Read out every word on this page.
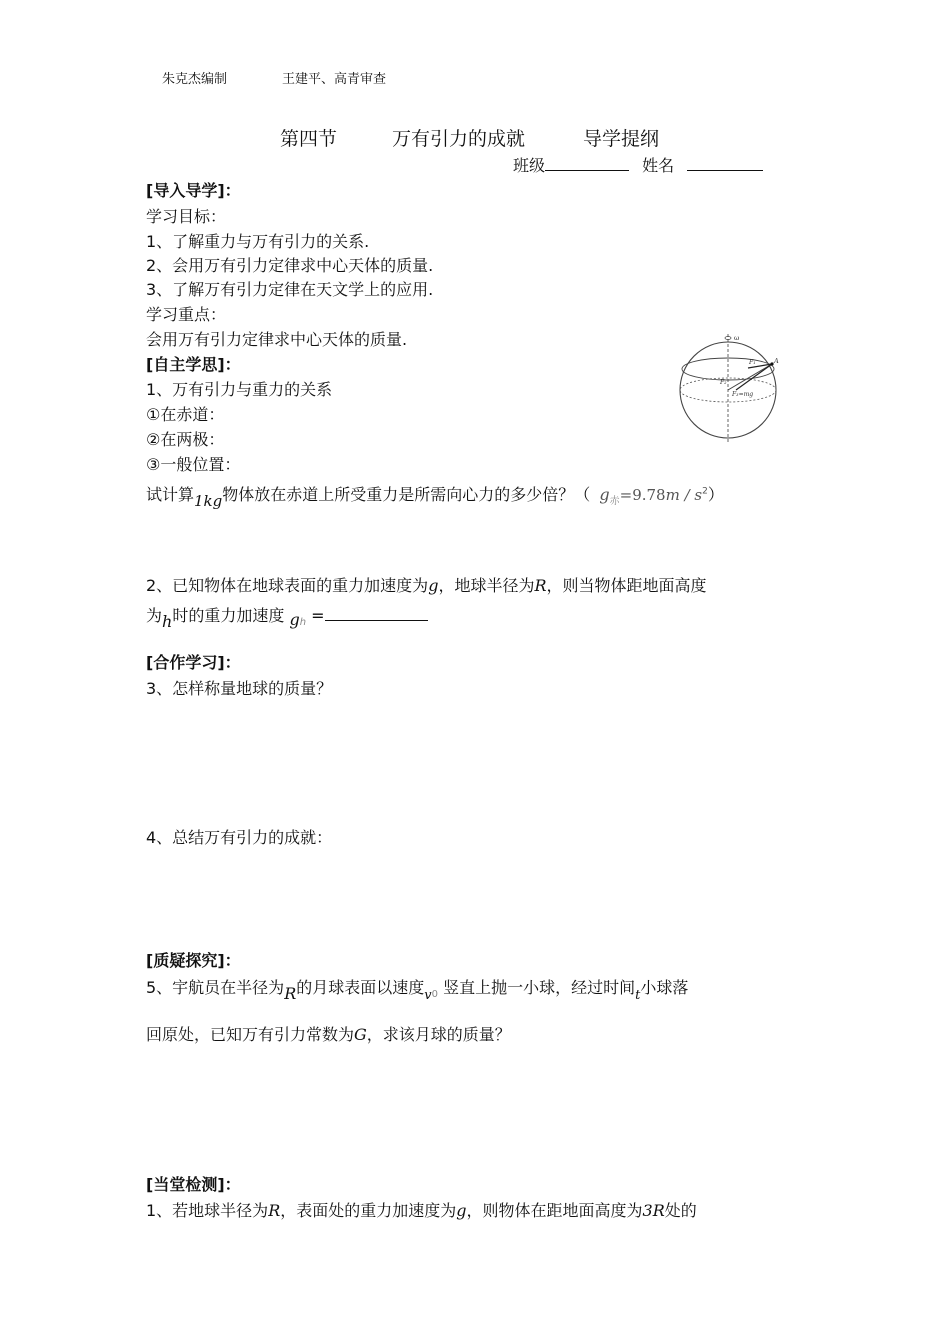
朱克杰编制	王建平、高青审查
第四节	万有引力的成就	导学提纲
班级	姓名
[导入导学]：
学习目标：
1、了解重力与万有引力的关系.
2、会用万有引力定律求中心天体的质量.
3、了解万有引力定律在天文学上的应用.
学习重点：
会用万有引力定律求中心天体的质量.
[自主学思]：
1、万有引力与重力的关系
①在赤道：
②在两极：
③一般位置：
试计算1kg物体放在赤道上所受重力是所需向心力的多少倍？（ $g_赤=9.78m / s^2$）
ω
A
F₁
F₂
F₃=mg
2、已知物体在地球表面的重力加速度为g，地球半径为R，则当物体距地面高度
为h时的重力加速度 $g_h$ =
[合作学习]：
3、怎样称量地球的质量？
4、总结万有引力的成就：
[质疑探究]：
5、宇航员在半径为R的月球表面以速度$_{v0}$ 竖直上抛一小球，经过时间$_t$小球落
回原处，已知万有引力常数为G，求该月球的质量？
[当堂检测]：
1、若地球半径为R，表面处的重力加速度为g，则物体在距地面高度为3R处的
